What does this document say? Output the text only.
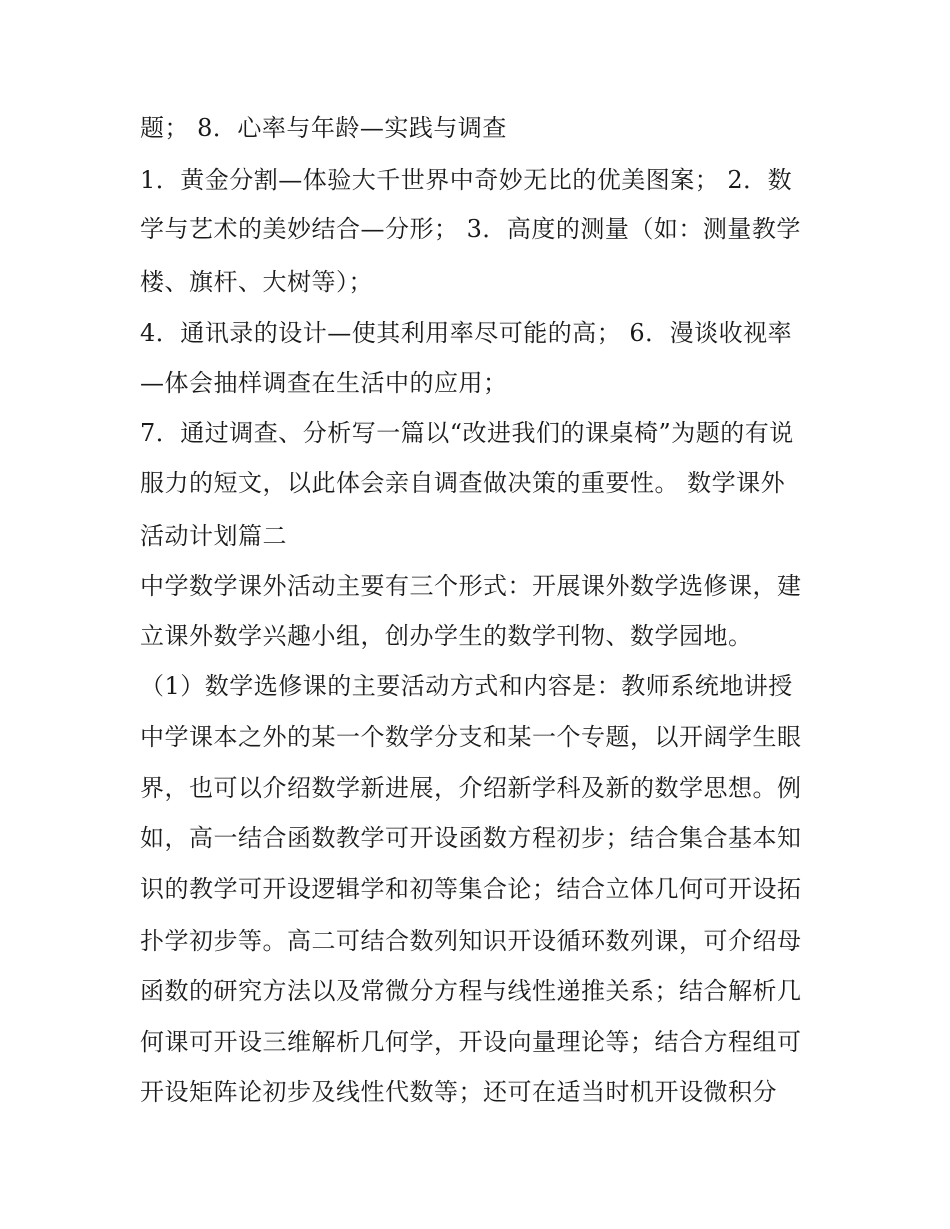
题； 8．心率与年龄—实践与调查

1．黄金分割—体验大千世界中奇妙无比的优美图案； 2．数

学与艺术的美妙结合—分形； 3．高度的测量（如：测量教学

楼、旗杆、大树等）；

4．通讯录的设计—使其利用率尽可能的高； 6．漫谈收视率

—体会抽样调查在生活中的应用；

7．通过调查、分析写一篇以“改进我们的课桌椅”为题的有说

服力的短文，以此体会亲自调查做决策的重要性。 数学课外

活动计划篇二

中学数学课外活动主要有三个形式：开展课外数学选修课，建

立课外数学兴趣小组，创办学生的数学刊物、数学园地。

（1）数学选修课的主要活动方式和内容是：教师系统地讲授

中学课本之外的某一个数学分支和某一个专题，以开阔学生眼

界，也可以介绍数学新进展，介绍新学科及新的数学思想。例

如，高一结合函数教学可开设函数方程初步；结合集合基本知

识的教学可开设逻辑学和初等集合论；结合立体几何可开设拓

扑学初步等。高二可结合数列知识开设循环数列课，可介绍母

函数的研究方法以及常微分方程与线性递推关系；结合解析几

何课可开设三维解析几何学，开设向量理论等；结合方程组可

开设矩阵论初步及线性代数等；还可在适当时机开设微积分
